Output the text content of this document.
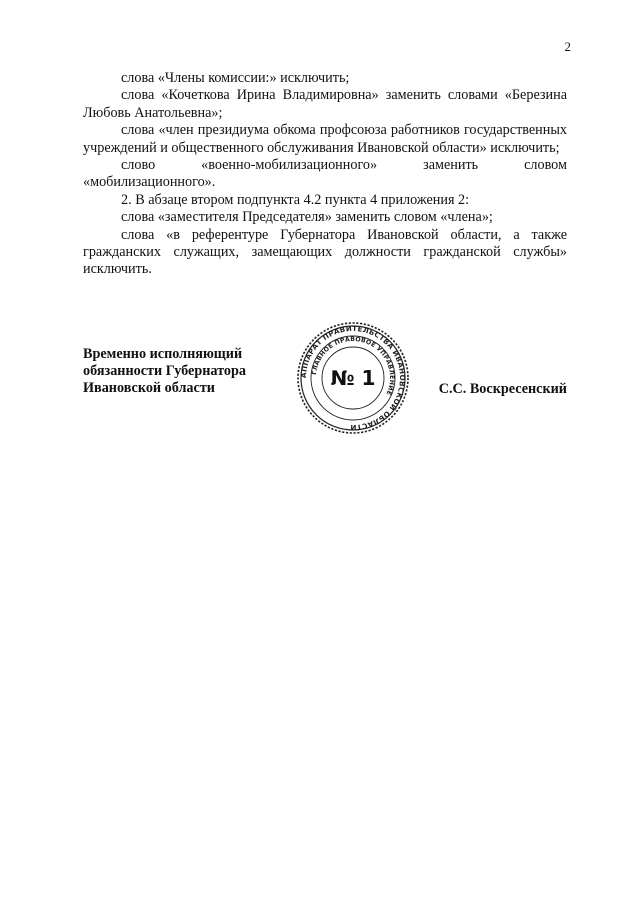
2

слова «Члены комиссии:» исключить;

слова «Кочеткова Ирина Владимировна» заменить словами «Березина Любовь Анатольевна»;

слова «член президиума обкома профсоюза работников государственных учреждений и общественного обслуживания Ивановской области» исключить;

слово «военно-мобилизационного» заменить словом «мобилизационного».

2. В абзаце втором подпункта 4.2 пункта 4 приложения 2:

слова «заместителя Председателя» заменить словом «члена»;

слова «в референтуре Губернатора Ивановской области, а также гражданских служащих, замещающих должности гражданской службы» исключить.

Временно исполняющий
обязанности Губернатора
Ивановской области	С.С. Воскресенский
АППАРАТ ПРАВИТЕЛЬСТВА ИВАНОВСКОЙ ОБЛАСТИ
ГЛАВНОЕ ПРАВОВОЕ УПРАВЛЕНИЕ
№ 1
